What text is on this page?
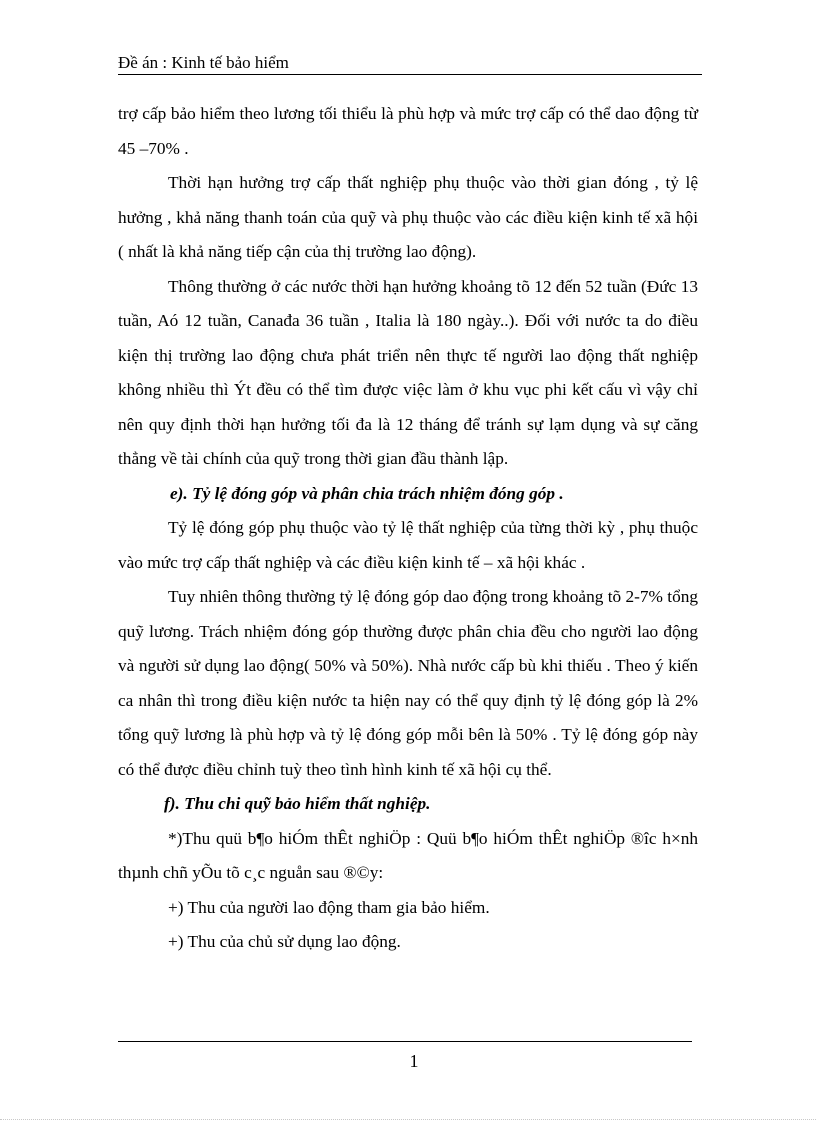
Đề án : Kinh tế bảo hiểm

trợ cấp bảo hiểm theo lương tối thiểu là phù hợp và mức trợ cấp có thể dao động từ 45 –70% .

Thời hạn hưởng trợ cấp thất nghiệp phụ thuộc vào thời gian đóng , tỷ lệ hưởng , khả năng thanh toán của quỹ và phụ thuộc vào các điều kiện kinh tế xã hội ( nhất là khả năng tiếp cận của thị trường lao động).

Thông thường ở các nước thời hạn hưởng khoảng tõ 12 đến 52 tuần (Đức 13 tuần, Aó 12 tuần, Canađa 36 tuần , Italia là 180 ngày..). Đối với nước ta do điều kiện thị trường lao động chưa phát triển nên thực tế người lao động thất nghiệp không nhiều thì Ýt đều có thể tìm được việc làm ở khu vục phi kết cấu vì vậy chỉ nên quy định thời hạn hưởng tối đa là 12 tháng để tránh sự lạm dụng và sự căng thẳng về tài chính của quỹ trong thời gian đầu thành lập.

e). Tỷ lệ đóng góp và phân chia trách nhiệm đóng góp .

Tỷ lệ đóng góp phụ thuộc vào tỷ lệ thất nghiệp của từng thời kỳ , phụ thuộc vào mức trợ cấp thất nghiệp và các điều kiện kinh tế – xã hội khác .

Tuy nhiên thông thường tỷ lệ đóng góp dao động trong khoảng tõ 2-7% tổng quỹ lương. Trách nhiệm đóng góp thường được phân chia đều cho người lao động và người sử dụng lao động( 50% và 50%). Nhà nước cấp bù khi thiếu . Theo ý kiến ca nhân thì trong điều kiện nước ta hiện nay có thể quy định tỷ lệ đóng góp là 2% tổng quỹ lương là phù hợp và tỷ lệ đóng góp mỗi bên là 50% . Tỷ lệ đóng góp này có thể được điều chỉnh tuỳ theo tình hình kinh tế xã hội cụ thể.

f). Thu chi quỹ bảo hiểm thất nghiệp.

*)Thu quü b¶o hiÓm thÊt nghiÖp : Quü b¶o hiÓm thÊt nghiÖp ®îc h×nh thµnh chñ yÕu tõ c¸c nguån sau ®©y:

+) Thu của người lao động tham gia bảo hiểm.

+) Thu của chủ sử dụng lao động.

1
